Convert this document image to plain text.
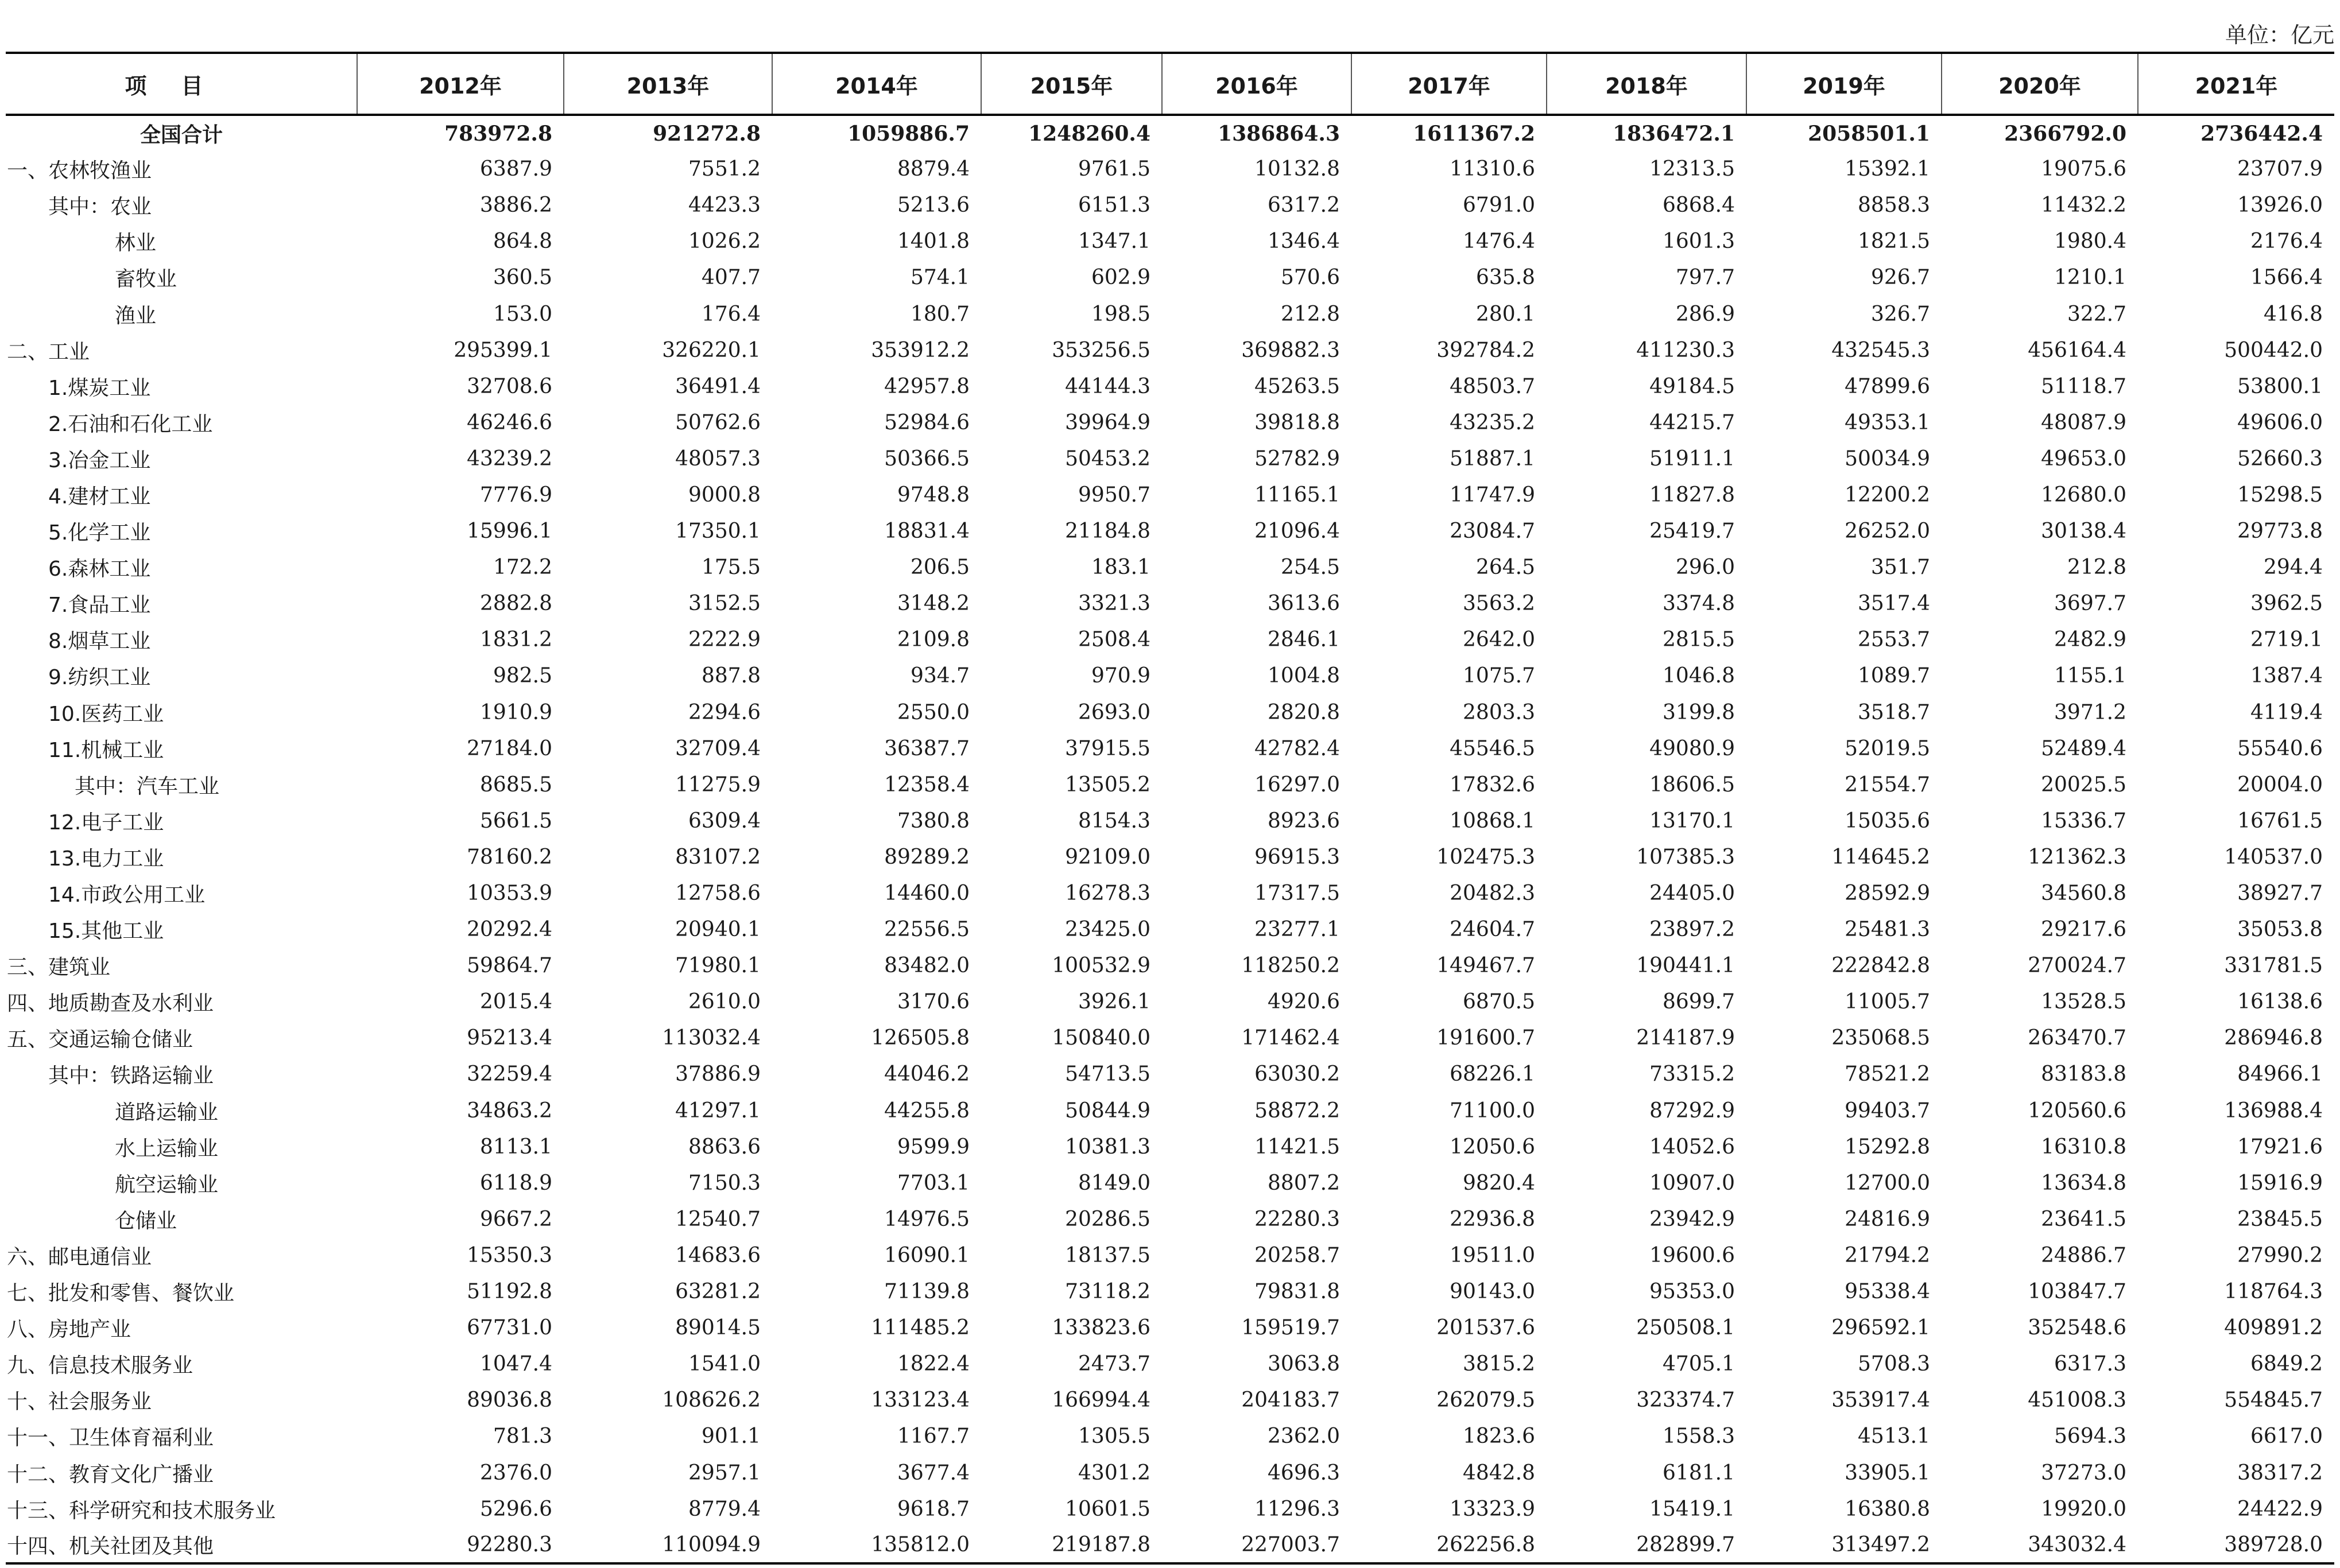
单位：亿元
项目	2012年	2013年	2014年	2015年	2016年	2017年	2018年	2019年	2020年	2021年
全国合计	783972.8	921272.8	1059886.7	1248260.4	1386864.3	1611367.2	1836472.1	2058501.1	2366792.0	2736442.4
一、农林牧渔业	6387.9	7551.2	8879.4	9761.5	10132.8	11310.6	12313.5	15392.1	19075.6	23707.9
其中：农业	3886.2	4423.3	5213.6	6151.3	6317.2	6791.0	6868.4	8858.3	11432.2	13926.0
林业	864.8	1026.2	1401.8	1347.1	1346.4	1476.4	1601.3	1821.5	1980.4	2176.4
畜牧业	360.5	407.7	574.1	602.9	570.6	635.8	797.7	926.7	1210.1	1566.4
渔业	153.0	176.4	180.7	198.5	212.8	280.1	286.9	326.7	322.7	416.8
二、工业	295399.1	326220.1	353912.2	353256.5	369882.3	392784.2	411230.3	432545.3	456164.4	500442.0
1.煤炭工业	32708.6	36491.4	42957.8	44144.3	45263.5	48503.7	49184.5	47899.6	51118.7	53800.1
2.石油和石化工业	46246.6	50762.6	52984.6	39964.9	39818.8	43235.2	44215.7	49353.1	48087.9	49606.0
3.冶金工业	43239.2	48057.3	50366.5	50453.2	52782.9	51887.1	51911.1	50034.9	49653.0	52660.3
4.建材工业	7776.9	9000.8	9748.8	9950.7	11165.1	11747.9	11827.8	12200.2	12680.0	15298.5
5.化学工业	15996.1	17350.1	18831.4	21184.8	21096.4	23084.7	25419.7	26252.0	30138.4	29773.8
6.森林工业	172.2	175.5	206.5	183.1	254.5	264.5	296.0	351.7	212.8	294.4
7.食品工业	2882.8	3152.5	3148.2	3321.3	3613.6	3563.2	3374.8	3517.4	3697.7	3962.5
8.烟草工业	1831.2	2222.9	2109.8	2508.4	2846.1	2642.0	2815.5	2553.7	2482.9	2719.1
9.纺织工业	982.5	887.8	934.7	970.9	1004.8	1075.7	1046.8	1089.7	1155.1	1387.4
10.医药工业	1910.9	2294.6	2550.0	2693.0	2820.8	2803.3	3199.8	3518.7	3971.2	4119.4
11.机械工业	27184.0	32709.4	36387.7	37915.5	42782.4	45546.5	49080.9	52019.5	52489.4	55540.6
其中：汽车工业	8685.5	11275.9	12358.4	13505.2	16297.0	17832.6	18606.5	21554.7	20025.5	20004.0
12.电子工业	5661.5	6309.4	7380.8	8154.3	8923.6	10868.1	13170.1	15035.6	15336.7	16761.5
13.电力工业	78160.2	83107.2	89289.2	92109.0	96915.3	102475.3	107385.3	114645.2	121362.3	140537.0
14.市政公用工业	10353.9	12758.6	14460.0	16278.3	17317.5	20482.3	24405.0	28592.9	34560.8	38927.7
15.其他工业	20292.4	20940.1	22556.5	23425.0	23277.1	24604.7	23897.2	25481.3	29217.6	35053.8
三、建筑业	59864.7	71980.1	83482.0	100532.9	118250.2	149467.7	190441.1	222842.8	270024.7	331781.5
四、地质勘查及水利业	2015.4	2610.0	3170.6	3926.1	4920.6	6870.5	8699.7	11005.7	13528.5	16138.6
五、交通运输仓储业	95213.4	113032.4	126505.8	150840.0	171462.4	191600.7	214187.9	235068.5	263470.7	286946.8
其中：铁路运输业	32259.4	37886.9	44046.2	54713.5	63030.2	68226.1	73315.2	78521.2	83183.8	84966.1
道路运输业	34863.2	41297.1	44255.8	50844.9	58872.2	71100.0	87292.9	99403.7	120560.6	136988.4
水上运输业	8113.1	8863.6	9599.9	10381.3	11421.5	12050.6	14052.6	15292.8	16310.8	17921.6
航空运输业	6118.9	7150.3	7703.1	8149.0	8807.2	9820.4	10907.0	12700.0	13634.8	15916.9
仓储业	9667.2	12540.7	14976.5	20286.5	22280.3	22936.8	23942.9	24816.9	23641.5	23845.5
六、邮电通信业	15350.3	14683.6	16090.1	18137.5	20258.7	19511.0	19600.6	21794.2	24886.7	27990.2
七、批发和零售、餐饮业	51192.8	63281.2	71139.8	73118.2	79831.8	90143.0	95353.0	95338.4	103847.7	118764.3
八、房地产业	67731.0	89014.5	111485.2	133823.6	159519.7	201537.6	250508.1	296592.1	352548.6	409891.2
九、信息技术服务业	1047.4	1541.0	1822.4	2473.7	3063.8	3815.2	4705.1	5708.3	6317.3	6849.2
十、社会服务业	89036.8	108626.2	133123.4	166994.4	204183.7	262079.5	323374.7	353917.4	451008.3	554845.7
十一、卫生体育福利业	781.3	901.1	1167.7	1305.5	2362.0	1823.6	1558.3	4513.1	5694.3	6617.0
十二、教育文化广播业	2376.0	2957.1	3677.4	4301.2	4696.3	4842.8	6181.1	33905.1	37273.0	38317.2
十三、科学研究和技术服务业	5296.6	8779.4	9618.7	10601.5	11296.3	13323.9	15419.1	16380.8	19920.0	24422.9
十四、机关社团及其他	92280.3	110094.9	135812.0	219187.8	227003.7	262256.8	282899.7	313497.2	343032.4	389728.0
